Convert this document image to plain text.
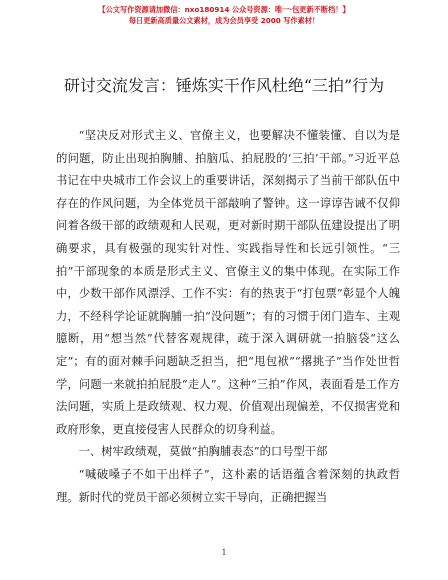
【公文写作资源请加微信：nxo180914 公众号资源：唯一·包更新不断档！】
每日更新高质量公文素材，成为会员享受 2000 写作素材！
研讨交流发言：锤炼实干作风杜绝“三拍”行为

“坚决反对形式主义、官僚主义，也要解决不懂装懂、自以为是的问题，防止出现拍胸脯、拍脑瓜、拍屁股的‘三拍’干部。”习近平总书记在中央城市工作会议上的重要讲话，深刻揭示了当前干部队伍中存在的作风问题，为全体党员干部敲响了警钟。这一谆谆告诫不仅仰问着各级干部的政绩观和人民观，更对新时期干部队伍建设提出了明确要求，具有极强的现实针对性、实践指导性和长远引领性。“三拍”干部现象的本质是形式主义、官僚主义的集中体现。在实际工作中，少数干部作风漂浮、工作不实：有的热衷于“打包票”彰显个人魄力，不经科学论证就胸脯一拍“没问题”；有的习惯于闭门造车、主观臆断，用“想当然”代替客观规律，疏于深入调研就一拍脑袋“这么定”；有的面对棘手问题缺乏担当，把“甩包袱”“撂挑子”当作处世哲学，问题一来就拍拍屁股“走人”。这种“三拍”作风，表面看是工作方法问题，实质上是政绩观、权力观、价值观出现偏差，不仅损害党和政府形象，更直接侵害人民群众的切身利益。

一、树牢政绩观，莫做“拍胸脯表态”的口号型干部

“喊破嗓子不如干出样子”，这朴素的话语蕴含着深刻的执政哲理。新时代的党员干部必须树立实干导向，正确把握当

1
